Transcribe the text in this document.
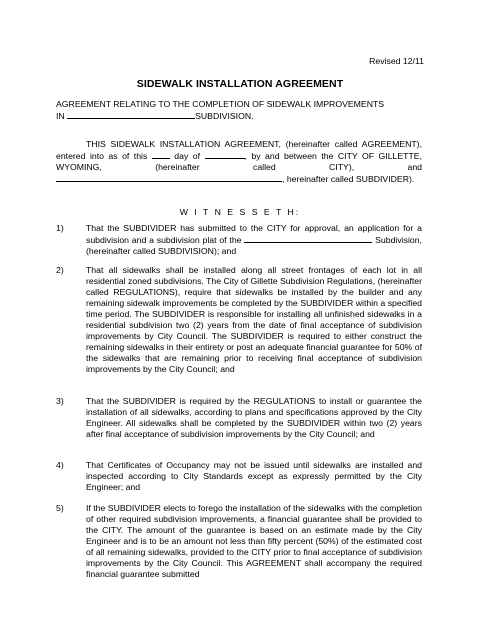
Revised 12/11
SIDEWALK INSTALLATION AGREEMENT
AGREEMENT RELATING TO THE COMPLETION OF SIDEWALK IMPROVEMENTS
IN	SUBDIVISION.
THIS SIDEWALK INSTALLATION AGREEMENT, (hereinafter called AGREEMENT), entered into as of this	day of	, by and between the CITY OF GILLETTE, WYOMING, (hereinafter called CITY), and , hereinafter called SUBDIVIDER).
W I T N E S S E T H:
1)	That the SUBDIVIDER has submitted to the CITY for approval, an application for a subdivision and a subdivision plat of the	Subdivision, (hereinafter called SUBDIVISION); and
2)	That all sidewalks shall be installed along all street frontages of each lot in all residential zoned subdivisions. The City of Gillette Subdivision Regulations, (hereinafter called REGULATIONS), require that sidewalks be installed by the builder and any remaining sidewalk improvements be completed by the SUBDIVIDER within a specified time period. The SUBDIVIDER is responsible for installing all unfinished sidewalks in a residential subdivision two (2) years from the date of final acceptance of subdivision improvements by City Council. The SUBDIVIDER is required to either construct the remaining sidewalks in their entirety or post an adequate financial guarantee for 50% of the sidewalks that are remaining prior to receiving final acceptance of subdivision improvements by the City Council; and
3)	That the SUBDIVIDER is required by the REGULATIONS to install or guarantee the installation of all sidewalks, according to plans and specifications approved by the City Engineer. All sidewalks shall be completed by the SUBDIVIDER within two (2) years after final acceptance of subdivision improvements by the City Council; and
4)	That Certificates of Occupancy may not be issued until sidewalks are installed and inspected according to City Standards except as expressly permitted by the City Engineer; and
5)	If the SUBDIVIDER elects to forego the installation of the sidewalks with the completion of other required subdivision improvements, a financial guarantee shall be provided to the CITY. The amount of the guarantee is based on an estimate made by the City Engineer and is to be an amount not less than fifty percent (50%) of the estimated cost of all remaining sidewalks, provided to the CITY prior to final acceptance of subdivision improvements by the City Council. This AGREEMENT shall accompany the required financial guarantee submitted
